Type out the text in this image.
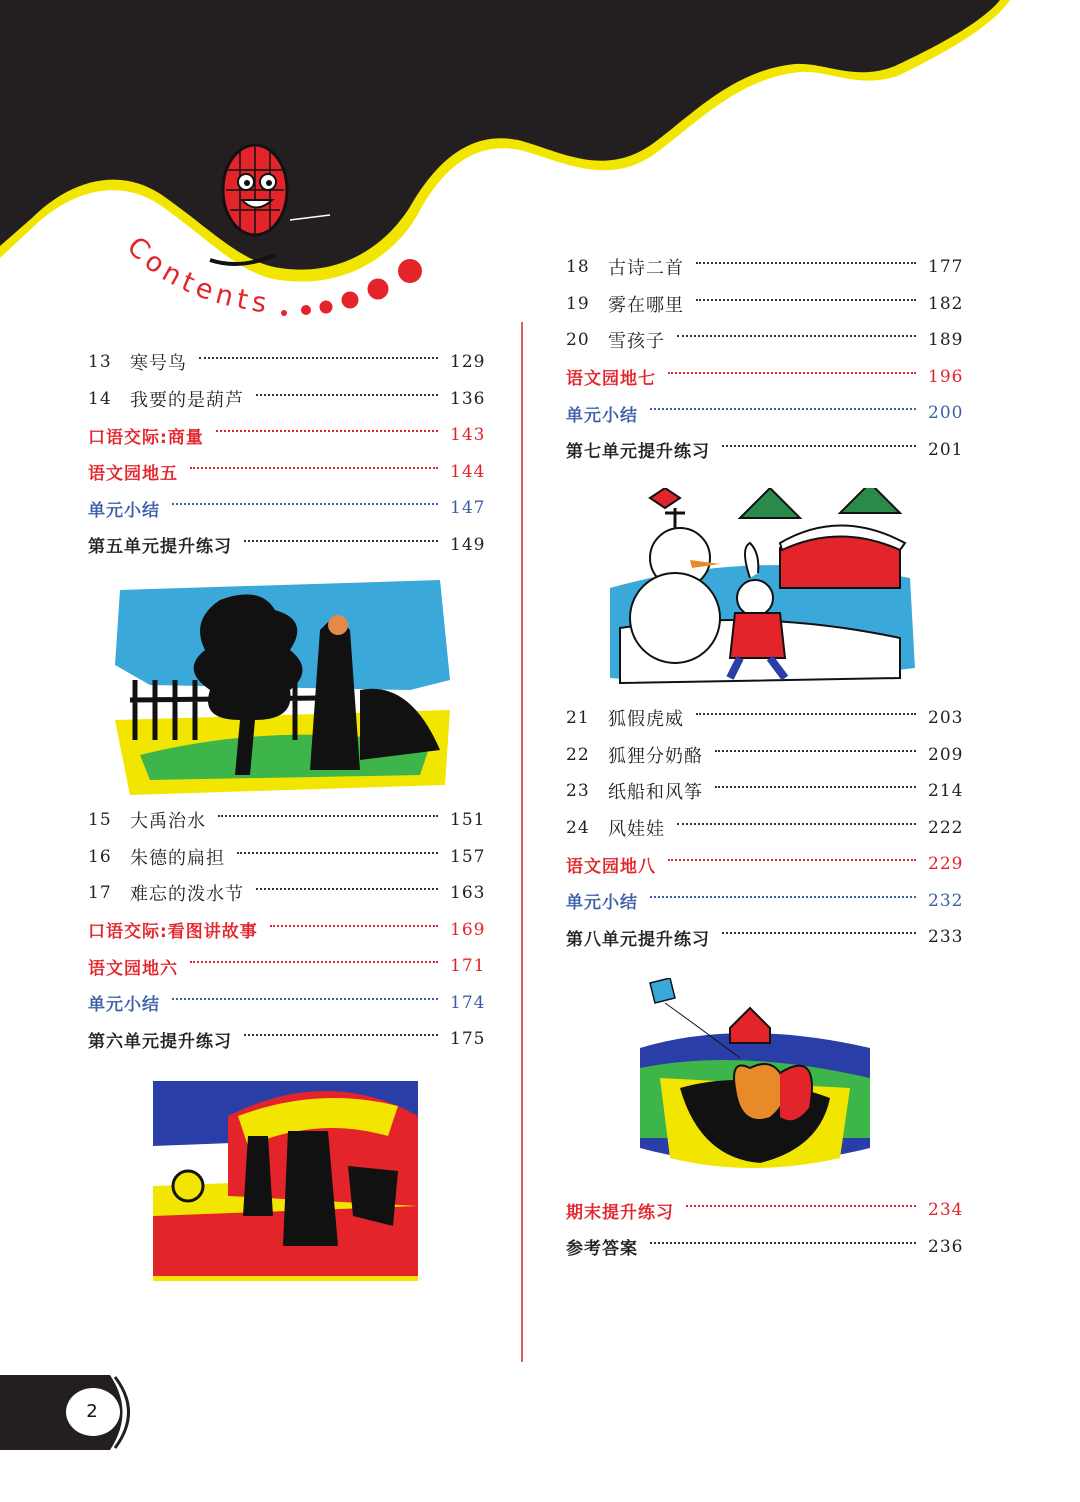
Contents
13	寒号鸟	129
14	我要的是葫芦	136
口语交际:商量	143
语文园地五	144
单元小结	147
第五单元提升练习	149
15	大禹治水	151
16	朱德的扁担	157
17	难忘的泼水节	163
口语交际:看图讲故事	169
语文园地六	171
单元小结	174
第六单元提升练习	175
18	古诗二首	177
19	雾在哪里	182
20	雪孩子	189
语文园地七	196
单元小结	200
第七单元提升练习	201
21	狐假虎威	203
22	狐狸分奶酪	209
23	纸船和风筝	214
24	风娃娃	222
语文园地八	229
单元小结	232
第八单元提升练习	233
期末提升练习	234
参考答案	236
2
